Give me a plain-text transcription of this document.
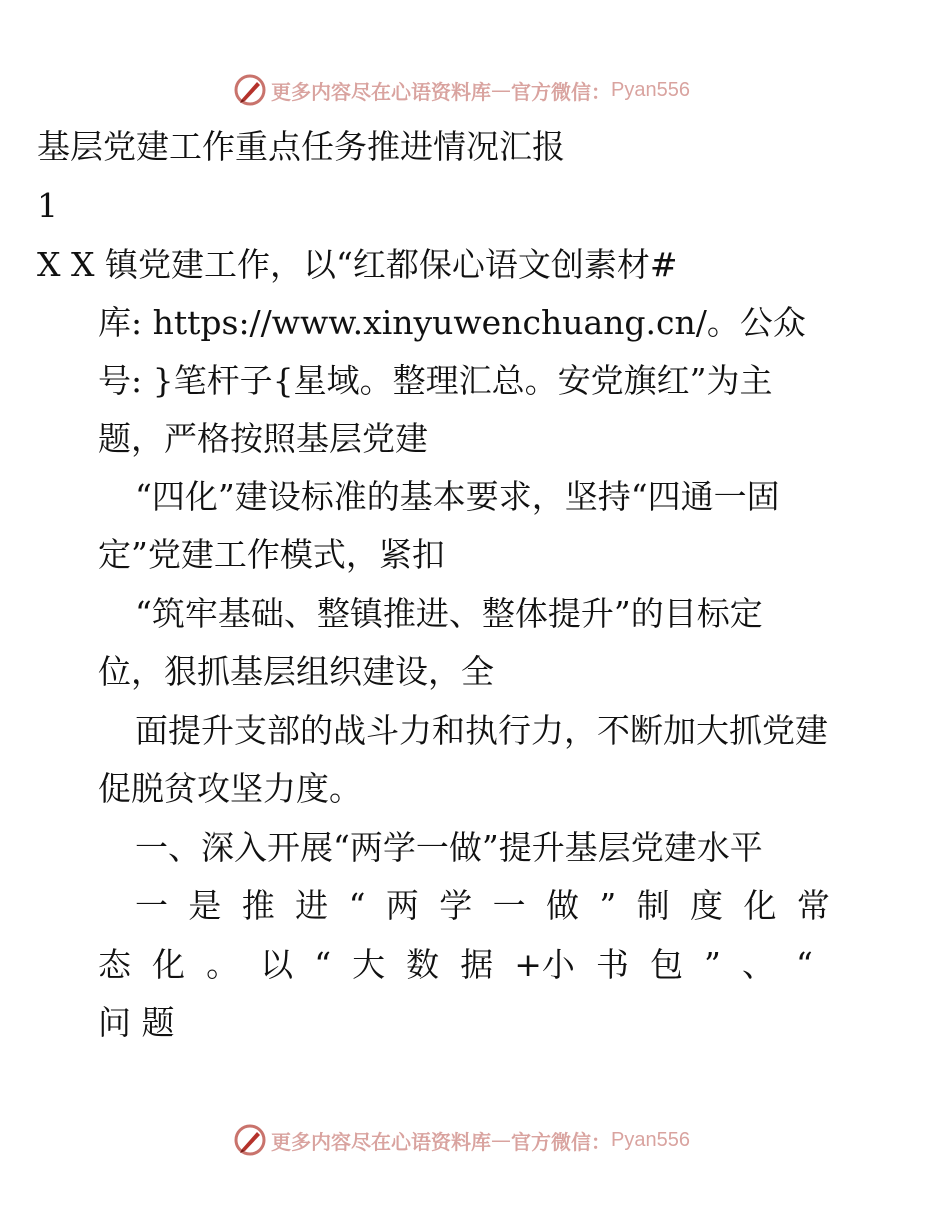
更多内容尽在心语资料库 — 官方微信： Pyan556
基层党建工作重点任务推进情况汇报
1
X X 镇党建工作，以“红都保心语文创素材#
库: https://www.xinyuwenchuang.cn/。公众
号: }笔杆子{星域。整理汇总。安党旗红”为主
题，严格按照基层党建
“四化”建设标准的基本要求，坚持“四通一固
定”党建工作模式，紧扣
“筑牢基础、整镇推进、整体提升”的目标定
位，狠抓基层组织建设，全
面提升支部的战斗力和执行力，不断加大抓党建
促脱贫攻坚力度。
一、深入开展“两学一做”提升基层党建水平
一 是 推 进 “ 两 学 一 做 ” 制 度 化 常
态 化 。 以 “ 大 数 据 +小 书 包 ” 、 “
问 题
更多内容尽在心语资料库 — 官方微信： Pyan556
